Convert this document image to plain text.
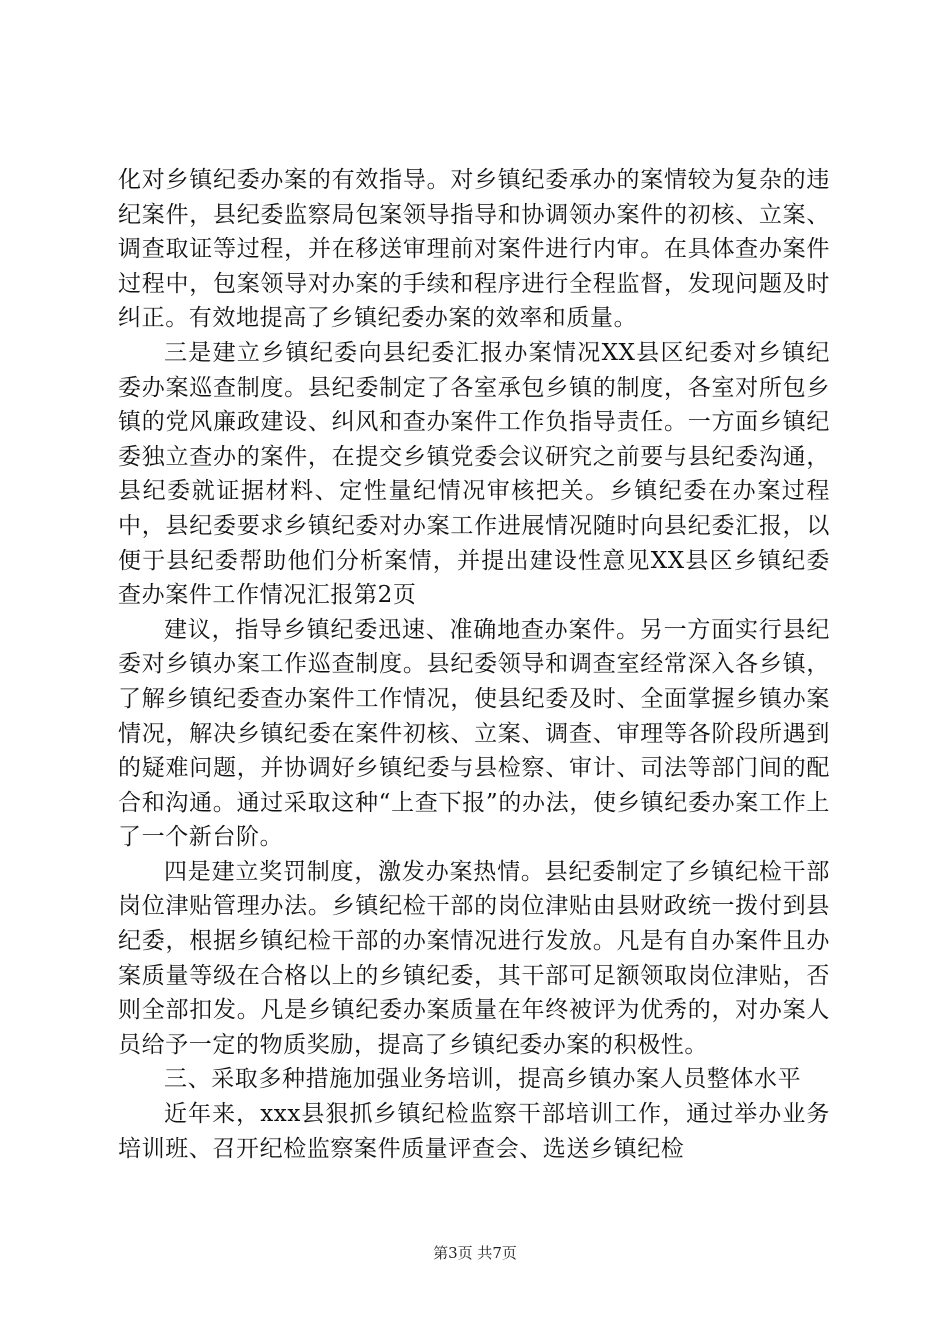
化对乡镇纪委办案的有效指导。对乡镇纪委承办的案情较为复杂的违纪案件，县纪委监察局包案领导指导和协调领办案件的初核、立案、调查取证等过程，并在移送审理前对案件进行内审。在具体查办案件过程中，包案领导对办案的手续和程序进行全程监督，发现问题及时纠正。有效地提高了乡镇纪委办案的效率和质量。

三是建立乡镇纪委向县纪委汇报办案情况XX县区纪委对乡镇纪委办案巡查制度。县纪委制定了各室承包乡镇的制度，各室对所包乡镇的党风廉政建设、纠风和查办案件工作负指导责任。一方面乡镇纪委独立查办的案件，在提交乡镇党委会议研究之前要与县纪委沟通，县纪委就证据材料、定性量纪情况审核把关。乡镇纪委在办案过程中，县纪委要求乡镇纪委对办案工作进展情况随时向县纪委汇报，以便于县纪委帮助他们分析案情，并提出建设性意见XX县区乡镇纪委查办案件工作情况汇报第2页

建议，指导乡镇纪委迅速、准确地查办案件。另一方面实行县纪委对乡镇办案工作巡查制度。县纪委领导和调查室经常深入各乡镇，了解乡镇纪委查办案件工作情况，使县纪委及时、全面掌握乡镇办案情况，解决乡镇纪委在案件初核、立案、调查、审理等各阶段所遇到的疑难问题，并协调好乡镇纪委与县检察、审计、司法等部门间的配合和沟通。通过采取这种“上查下报”的办法，使乡镇纪委办案工作上了一个新台阶。

四是建立奖罚制度，激发办案热情。县纪委制定了乡镇纪检干部岗位津贴管理办法。乡镇纪检干部的岗位津贴由县财政统一拨付到县纪委，根据乡镇纪检干部的办案情况进行发放。凡是有自办案件且办案质量等级在合格以上的乡镇纪委，其干部可足额领取岗位津贴，否则全部扣发。凡是乡镇纪委办案质量在年终被评为优秀的，对办案人员给予一定的物质奖励，提高了乡镇纪委办案的积极性。

三、采取多种措施加强业务培训，提高乡镇办案人员整体水平

近年来，xxx县狠抓乡镇纪检监察干部培训工作，通过举办业务培训班、召开纪检监察案件质量评查会、选送乡镇纪检

第3页 共7页
